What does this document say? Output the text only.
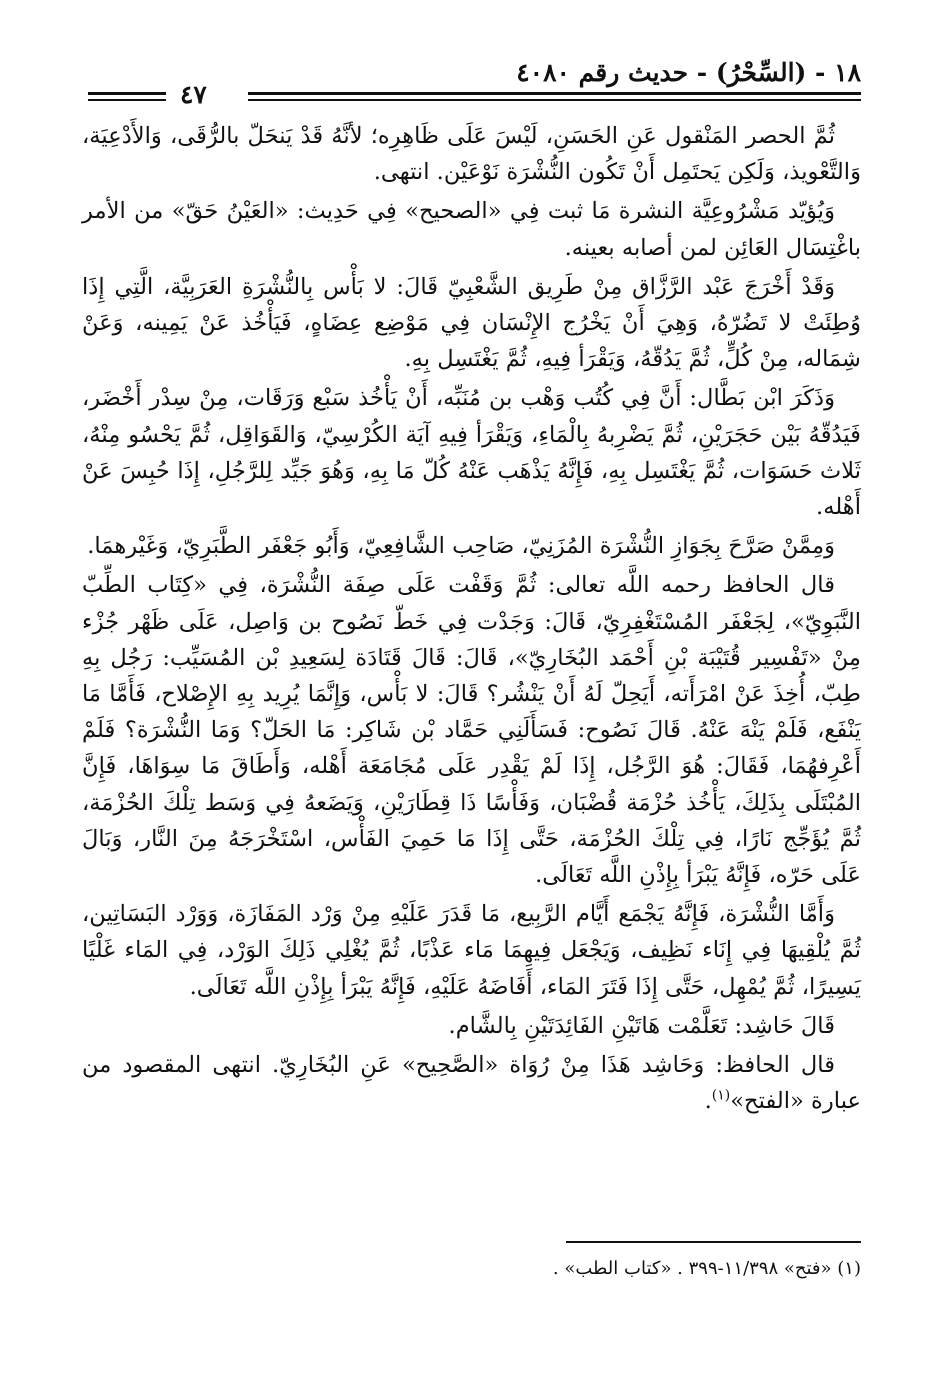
١٨ - (السِّحْرُ) - حديث رقم ٤٠٨٠
٤٧

ثُمَّ الحصر المَنْقول عَنِ الحَسَنِ، لَيْسَ عَلَى ظَاهِرِه؛ لأنَّهُ قَدْ يَنحَلّ بالرُّقَى، وَالأَدْعِيَة، وَالتَّعْويذ، وَلَكِن يَحتَمِل أَنْ تَكُون النُّشْرَة نَوْعَيْن. انتهى.

وَيُؤيّد مَشْرُوعِيَّة النشرة مَا ثبت فِي «الصحيح» فِي حَدِيث: «العَيْنُ حَقّ» من الأمر باغْتِسَال العَائِن لمن أصابه بعينه.

وَقَدْ أَخْرَجَ عَبْد الرَّزَّاق مِنْ طَرِيق الشَّعْبِيّ قَالَ: لا بَأْس بِالنُّشْرَةِ العَرَبِيَّة، الَّتِي إِذَا وُطِئَتْ لا تَضُرّهُ، وَهِيَ أَنْ يَخْرُج الإِنْسَان فِي مَوْضِع عِضَاهٍ، فَيَأْخُذ عَنْ يَمِينه، وَعَنْ شِمَاله، مِنْ كُلٍّ، ثُمَّ يَدُقّهُ، وَيَقْرَأ فِيهِ، ثُمَّ يَغْتَسِل بِهِ.

وَذَكَرَ ابْن بَطَّال: أَنَّ فِي كُتُب وَهْب بن مُنَبِّه، أَنْ يَأْخُذ سَبْع وَرَقَات، مِنْ سِدْر أَخْضَر، فَيَدُقّهُ بَيْن حَجَرَيْنِ، ثُمَّ يَضْرِبهُ بِالْمَاءِ، وَيَقْرَأ فِيهِ آيَة الكُرْسِيّ، وَالقَوَاقِل، ثُمَّ يَحْسُو مِنْهُ، ثَلاث حَسَوَات، ثُمَّ يَغْتَسِل بِهِ، فَإِنَّهُ يَذْهَب عَنْهُ كُلّ مَا بِهِ، وَهُوَ جَيِّد لِلرَّجُلِ، إِذَا حُبِسَ عَنْ أَهْله.

وَمِمَّنْ صَرَّحَ بِجَوَازِ النُّشْرَة المُزَنِيّ، صَاحِب الشَّافِعِيّ، وَأَبُو جَعْفَر الطَّبَرِيّ، وَغَيْرهمَا.

قال الحافظ رحمه اللَّه تعالى: ثُمَّ وَقَفْت عَلَى صِفَة النُّشْرَة، فِي «كِتَاب الطِّبّ النَّبَوِيّ»، لِجَعْفَر المُسْتَغْفِرِيّ، قَالَ: وَجَدْت فِي خَطّ نَصُوح بن وَاصِل، عَلَى ظَهْر جُزْء مِنْ «تَفْسِير قُتَيْبَة بْنِ أَحْمَد البُخَارِيّ»، قَالَ: قَالَ قَتَادَة لِسَعِيدِ بْن المُسَيِّب: رَجُل بِهِ طِبّ، أُخِذَ عَنْ امْرَأَته، أَيَحِلّ لَهُ أَنْ يَنْشُر؟ قَالَ: لا بَأْس، وَإِنَّمَا يُرِيد بِهِ الإِصْلاح، فَأَمَّا مَا يَنْفَع، فَلَمْ يَنْهَ عَنْهُ. قَالَ نَصُوح: فَسَأَلَنِي حَمَّاد بْن شَاكِر: مَا الحَلّ؟ وَمَا النُّشْرَة؟ فَلَمْ أَعْرِفهُمَا، فَقَالَ: هُوَ الرَّجُل، إِذَا لَمْ يَقْدِر عَلَى مُجَامَعَة أَهْله، وَأَطَاقَ مَا سِوَاهَا، فَإِنَّ المُبْتَلَى بِذَلِكَ، يَأْخُذ حُزْمَة قُضْبَان، وَفَأْسًا ذَا قِطَارَيْنِ، وَيَضَعهُ فِي وَسَط تِلْكَ الحُزْمَة، ثُمَّ يُؤَجِّج نَارًا، فِي تِلْكَ الحُزْمَة، حَتَّى إِذَا مَا حَمِيَ الفَأْس، اسْتَخْرَجَهُ مِنَ النَّار، وَبَالَ عَلَى حَرّه، فَإِنَّهُ يَبْرَأ بِإِذْنِ اللَّه تَعَالَى.

وَأَمَّا النُّشْرَة، فَإِنَّهُ يَجْمَع أَيَّام الرَّبِيع، مَا قَدَرَ عَلَيْهِ مِنْ وَرْد المَفَازَة، وَوَرْد البَسَاتِين، ثُمَّ يُلْقِيهَا فِي إِنَاء نَظِيف، وَيَجْعَل فِيهِمَا مَاء عَذْبًا، ثُمَّ يُغْلِي ذَلِكَ الوَرْد، فِي المَاء غَلْيًا يَسِيرًا، ثُمَّ يُمْهِل، حَتَّى إِذَا فَتَرَ المَاء، أَفَاضَهُ عَلَيْهِ، فَإِنَّهُ يَبْرَأ بِإِذْنِ اللَّه تَعَالَى.

قَالَ حَاشِد: تَعَلَّمْت هَاتَيْنِ الفَائِدَتَيْنِ بِالشَّام.

قال الحافظ: وَحَاشِد هَذَا مِنْ رُوَاة «الصَّحِيح» عَنِ البُخَارِيّ. انتهى المقصود من عبارة «الفتح»$^{(١)}$.

(١) «فتح» ١١/٣٩٨-٣٩٩ . «كتاب الطب» .
